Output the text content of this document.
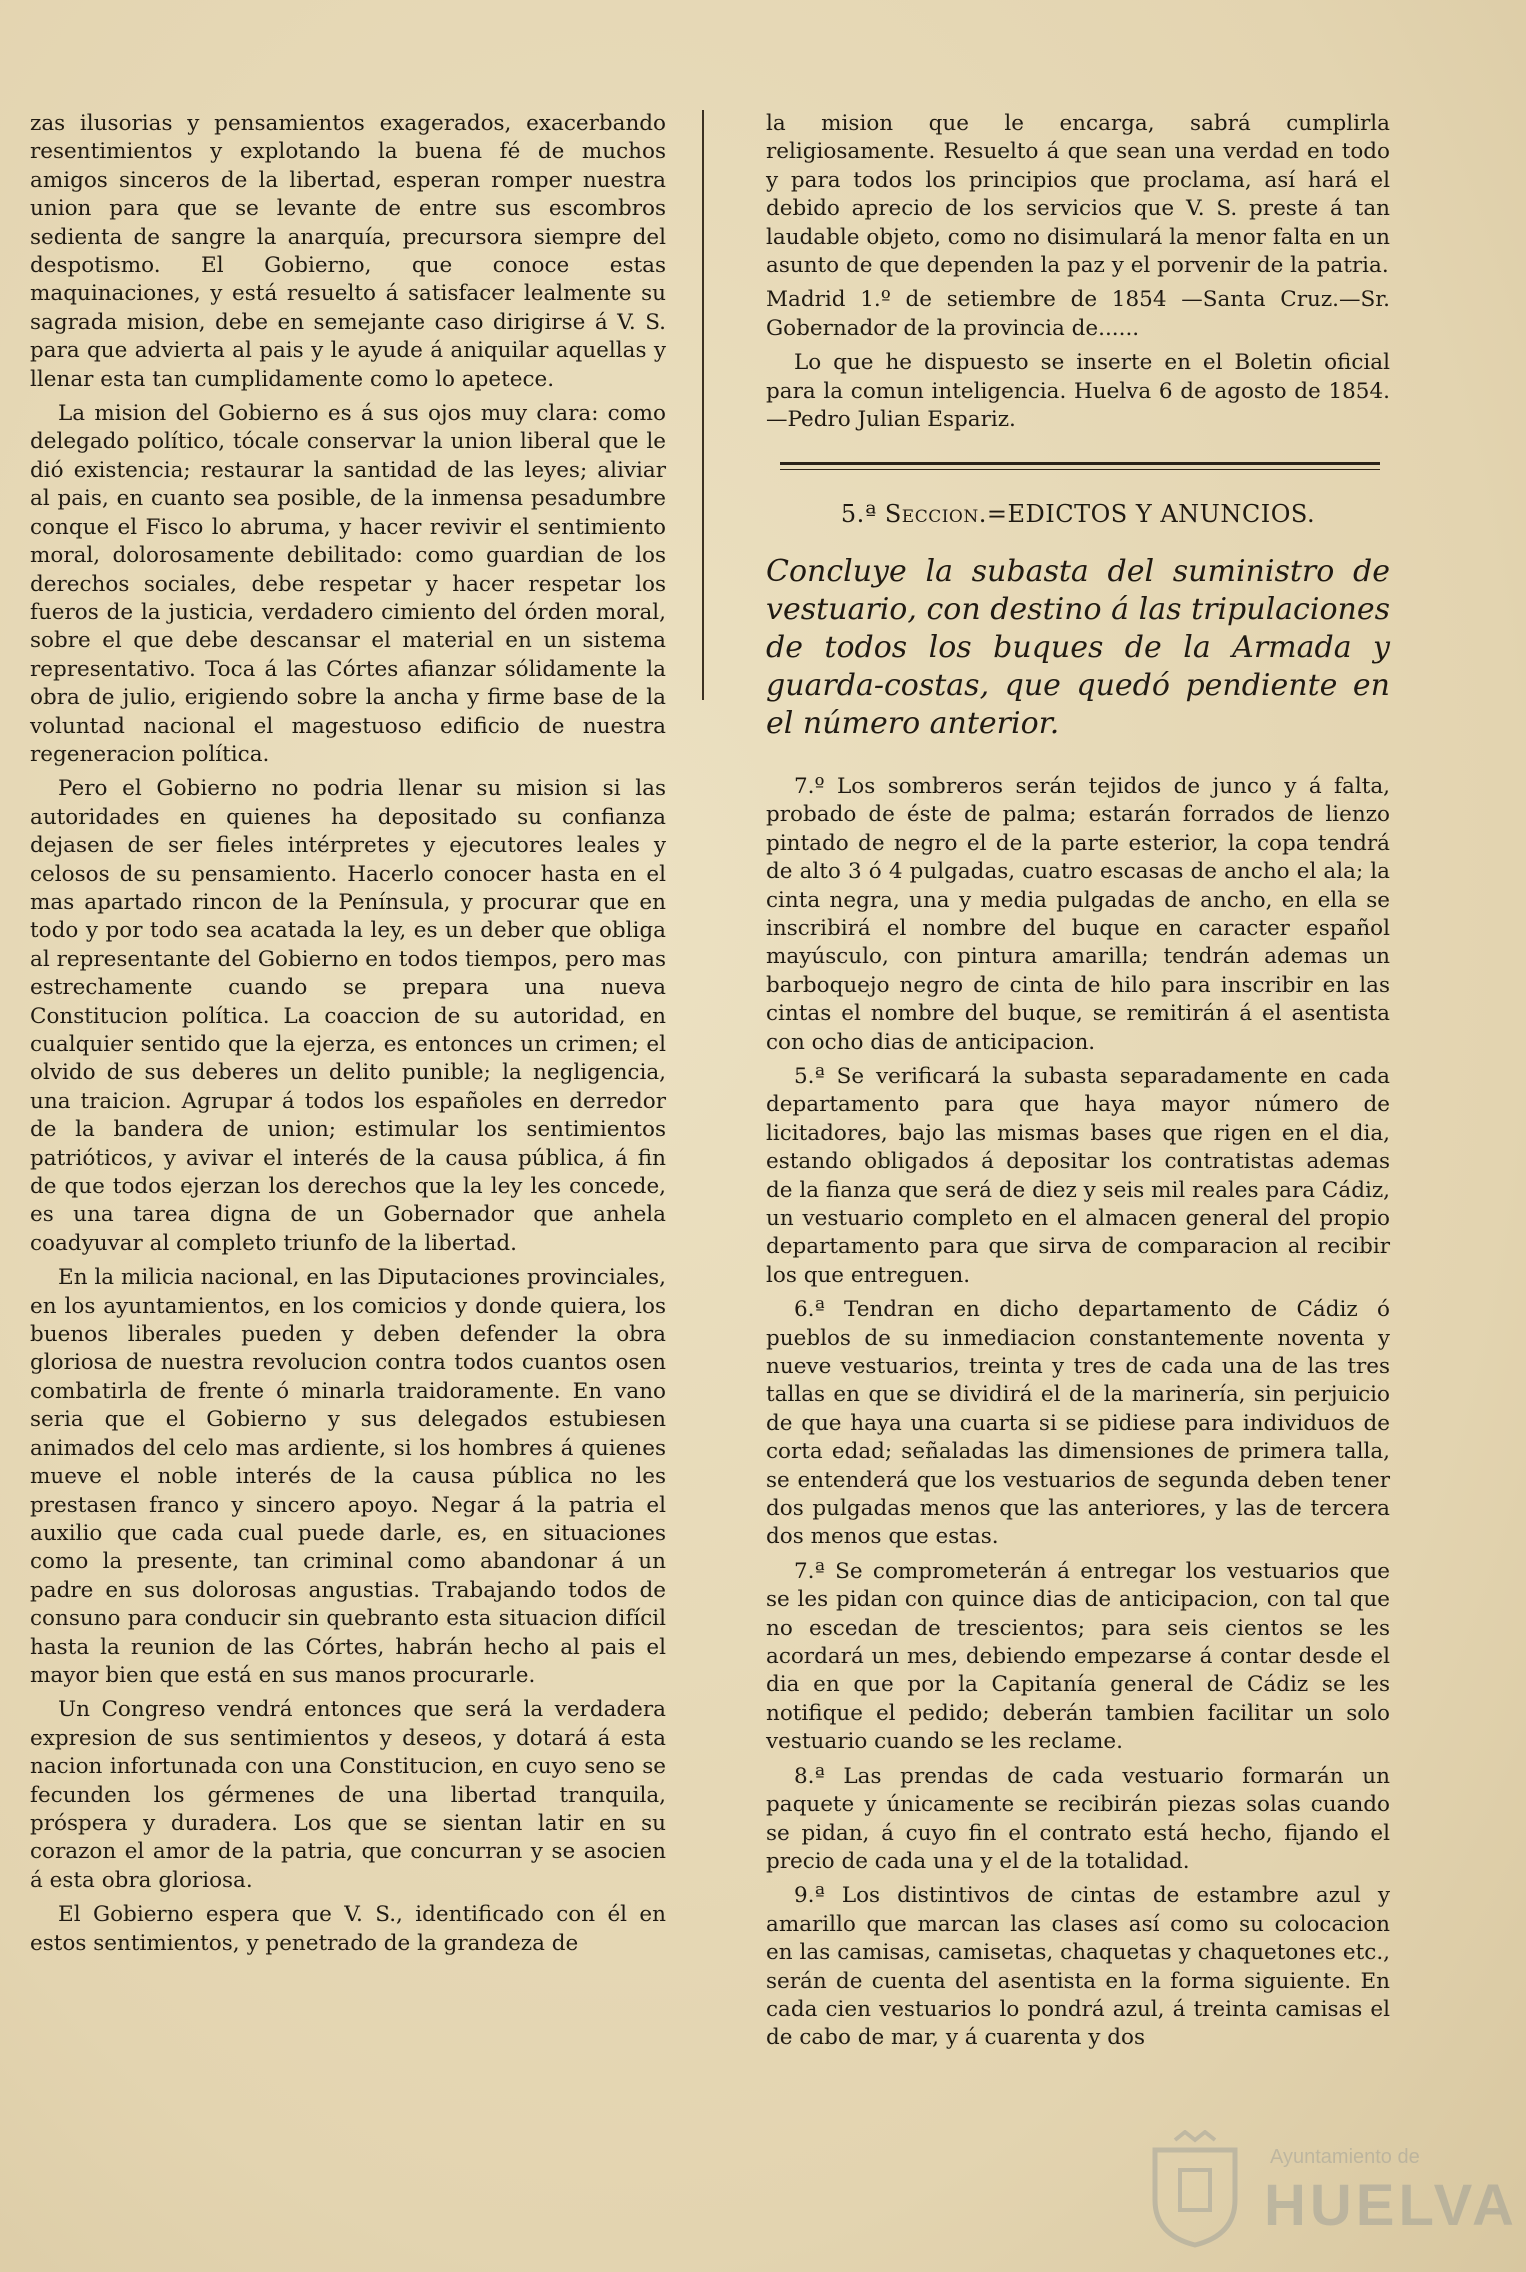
zas ilusorias y pensamientos exagerados, exacerbando resentimientos y explotando la buena fé de muchos amigos sinceros de la libertad, esperan romper nuestra union para que se levante de entre sus escombros sedienta de sangre la anarquía, precursora siempre del despotismo. El Gobierno, que conoce estas maquinaciones, y está resuelto á satisfacer lealmente su sagrada mision, debe en semejante caso dirigirse á V. S. para que advierta al pais y le ayude á aniquilar aquellas y llenar esta tan cumplidamente como lo apetece.

La mision del Gobierno es á sus ojos muy clara: como delegado político, tócale conservar la union liberal que le dió existencia; restaurar la santidad de las leyes; aliviar al pais, en cuanto sea posible, de la inmensa pesadumbre conque el Fisco lo abruma, y hacer revivir el sentimiento moral, dolorosamente debilitado: como guardian de los derechos sociales, debe respetar y hacer respetar los fueros de la justicia, verdadero cimiento del órden moral, sobre el que debe descansar el material en un sistema representativo. Toca á las Córtes afianzar sólidamente la obra de julio, erigiendo sobre la ancha y firme base de la voluntad nacional el magestuoso edificio de nuestra regeneracion política.

Pero el Gobierno no podria llenar su mision si las autoridades en quienes ha depositado su confianza dejasen de ser fieles intérpretes y ejecutores leales y celosos de su pensamiento. Hacerlo conocer hasta en el mas apartado rincon de la Península, y procurar que en todo y por todo sea acatada la ley, es un deber que obliga al representante del Gobierno en todos tiempos, pero mas estrechamente cuando se prepara una nueva Constitucion política. La coaccion de su autoridad, en cualquier sentido que la ejerza, es entonces un crimen; el olvido de sus deberes un delito punible; la negligencia, una traicion. Agrupar á todos los españoles en derredor de la bandera de union; estimular los sentimientos patrióticos, y avivar el interés de la causa pública, á fin de que todos ejerzan los derechos que la ley les concede, es una tarea digna de un Gobernador que anhela coadyuvar al completo triunfo de la libertad.

En la milicia nacional, en las Diputaciones provinciales, en los ayuntamientos, en los comicios y donde quiera, los buenos liberales pueden y deben defender la obra gloriosa de nuestra revolucion contra todos cuantos osen combatirla de frente ó minarla traidoramente. En vano seria que el Gobierno y sus delegados estubiesen animados del celo mas ardiente, si los hombres á quienes mueve el noble interés de la causa pública no les prestasen franco y sincero apoyo. Negar á la patria el auxilio que cada cual puede darle, es, en situaciones como la presente, tan criminal como abandonar á un padre en sus dolorosas angustias. Trabajando todos de consuno para conducir sin quebranto esta situacion difícil hasta la reunion de las Córtes, habrán hecho al pais el mayor bien que está en sus manos procurarle.

Un Congreso vendrá entonces que será la verdadera expresion de sus sentimientos y deseos, y dotará á esta nacion infortunada con una Constitucion, en cuyo seno se fecunden los gérmenes de una libertad tranquila, próspera y duradera. Los que se sientan latir en su corazon el amor de la patria, que concurran y se asocien á esta obra gloriosa.

El Gobierno espera que V. S., identificado con él en estos sentimientos, y penetrado de la grandeza de

la mision que le encarga, sabrá cumplirla religiosamente. Resuelto á que sean una verdad en todo y para todos los principios que proclama, así hará el debido aprecio de los servicios que V. S. preste á tan laudable objeto, como no disimulará la menor falta en un asunto de que dependen la paz y el porvenir de la patria.

Madrid 1.º de setiembre de 1854 —Santa Cruz.—Sr. Gobernador de la provincia de......

Lo que he dispuesto se inserte en el Boletin oficial para la comun inteligencia. Huelva 6 de agosto de 1854.—Pedro Julian Espariz.

5.ª Seccion.=EDICTOS Y ANUNCIOS.
Concluye la subasta del suministro de vestuario, con destino á las tripulaciones de todos los buques de la Armada y guarda-costas, que quedó pendiente en el número anterior.

7.º Los sombreros serán tejidos de junco y á falta, probado de éste de palma; estarán forrados de lienzo pintado de negro el de la parte esterior, la copa tendrá de alto 3 ó 4 pulgadas, cuatro escasas de ancho el ala; la cinta negra, una y media pulgadas de ancho, en ella se inscribirá el nombre del buque en caracter español mayúsculo, con pintura amarilla; tendrán ademas un barboquejo negro de cinta de hilo para inscribir en las cintas el nombre del buque, se remitirán á el asentista con ocho dias de anticipacion.

5.ª Se verificará la subasta separadamente en cada departamento para que haya mayor número de licitadores, bajo las mismas bases que rigen en el dia, estando obligados á depositar los contratistas ademas de la fianza que será de diez y seis mil reales para Cádiz, un vestuario completo en el almacen general del propio departamento para que sirva de comparacion al recibir los que entreguen.

6.ª Tendran en dicho departamento de Cádiz ó pueblos de su inmediacion constantemente noventa y nueve vestuarios, treinta y tres de cada una de las tres tallas en que se dividirá el de la marinería, sin perjuicio de que haya una cuarta si se pidiese para individuos de corta edad; señaladas las dimensiones de primera talla, se entenderá que los vestuarios de segunda deben tener dos pulgadas menos que las anteriores, y las de tercera dos menos que estas.

7.ª Se comprometerán á entregar los vestuarios que se les pidan con quince dias de anticipacion, con tal que no escedan de trescientos; para seis cientos se les acordará un mes, debiendo empezarse á contar desde el dia en que por la Capitanía general de Cádiz se les notifique el pedido; deberán tambien facilitar un solo vestuario cuando se les reclame.

8.ª Las prendas de cada vestuario formarán un paquete y únicamente se recibirán piezas solas cuando se pidan, á cuyo fin el contrato está hecho, fijando el precio de cada una y el de la totalidad.

9.ª Los distintivos de cintas de estambre azul y amarillo que marcan las clases así como su colocacion en las camisas, camisetas, chaquetas y chaquetones etc., serán de cuenta del asentista en la forma siguiente. En cada cien vestuarios lo pondrá azul, á treinta camisas el de cabo de mar, y á cuarenta y dos

Ayuntamiento de
HUELVA
